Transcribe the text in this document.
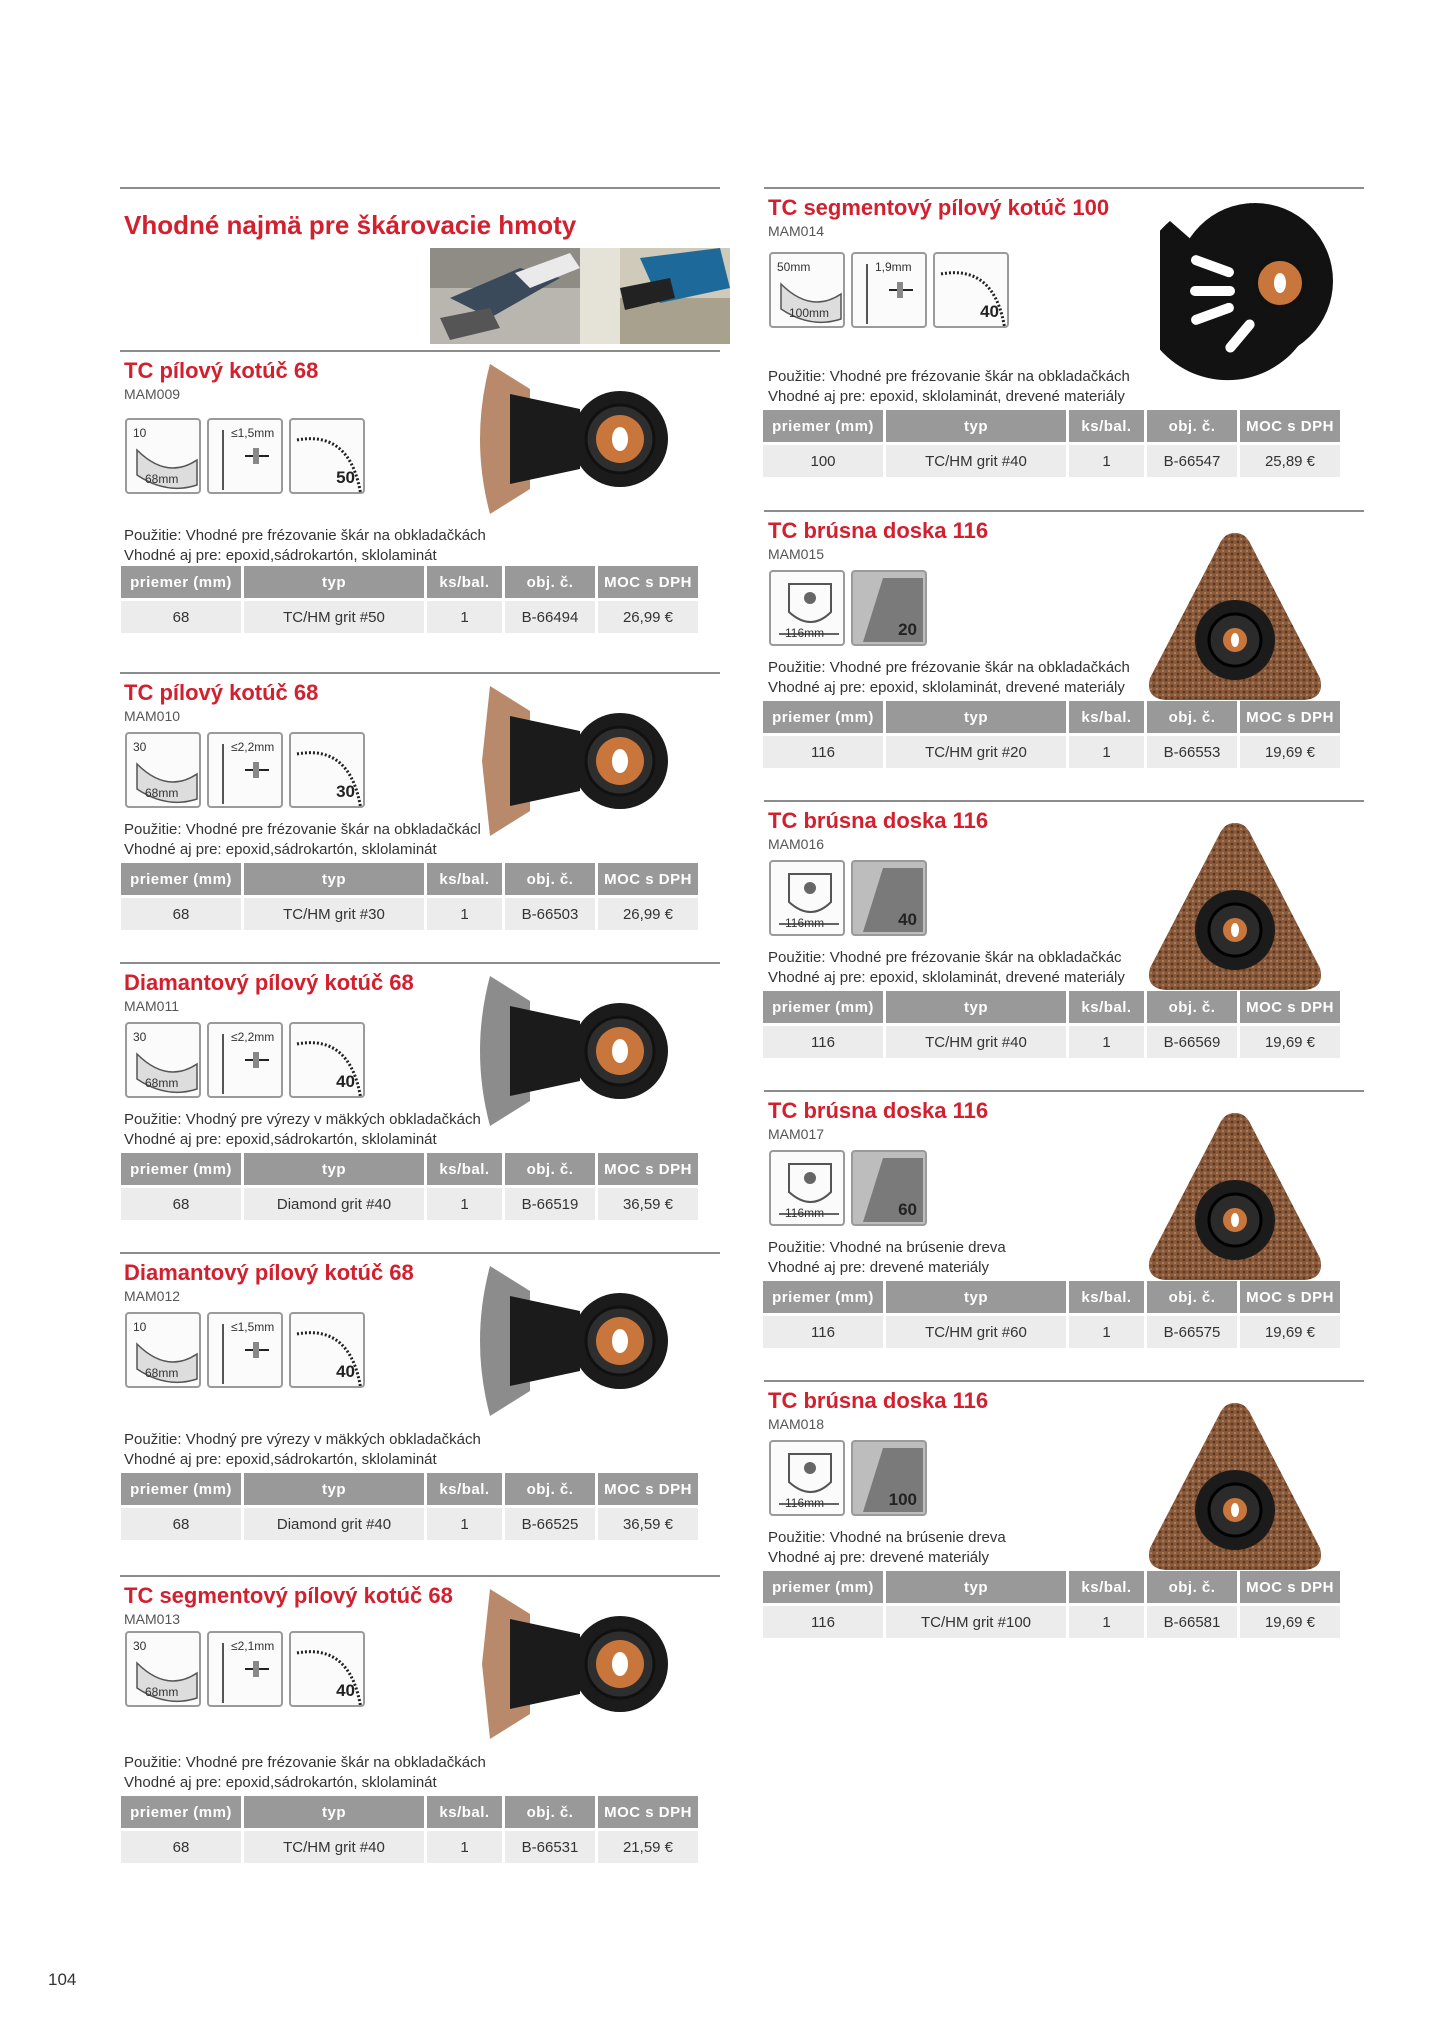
Vhodné najmä pre škárovacie hmoty
TC pílový kotúč 68
MAM009
10
68mm
≤1,5mm
50
Použitie: Vhodné pre frézovanie škár na obkladačkách
Vhodné aj pre: epoxid,sádrokartón, sklolaminát
priemer (mm)	typ	ks/bal.	obj. č.	MOC s DPH
68	TC/HM grit #50	1	B-66494	26,99 €
TC pílový kotúč 68
MAM010
30
68mm
≤2,2mm
30
Použitie: Vhodné pre frézovanie škár na obkladačkácl
Vhodné aj pre: epoxid,sádrokartón, sklolaminát
priemer (mm)	typ	ks/bal.	obj. č.	MOC s DPH
68	TC/HM grit #30	1	B-66503	26,99 €
Diamantový pílový kotúč 68
MAM011
30
68mm
≤2,2mm
40
Použitie: Vhodný pre výrezy v mäkkých obkladačkách
Vhodné aj pre: epoxid,sádrokartón, sklolaminát
priemer (mm)	typ	ks/bal.	obj. č.	MOC s DPH
68	Diamond grit #40	1	B-66519	36,59 €
Diamantový pílový kotúč 68
MAM012
10
68mm
≤1,5mm
40
Použitie: Vhodný pre výrezy v mäkkých obkladačkách
Vhodné aj pre: epoxid,sádrokartón, sklolaminát
priemer (mm)	typ	ks/bal.	obj. č.	MOC s DPH
68	Diamond grit #40	1	B-66525	36,59 €
TC segmentový pílový kotúč 68
MAM013
30
68mm
≤2,1mm
40
Použitie: Vhodné pre frézovanie škár na obkladačkách
Vhodné aj pre: epoxid,sádrokartón, sklolaminát
priemer (mm)	typ	ks/bal.	obj. č.	MOC s DPH
68	TC/HM grit #40	1	B-66531	21,59 €
TC segmentový pílový kotúč 100
MAM014
50mm
100mm
1,9mm
40
Použitie: Vhodné pre frézovanie škár na obkladačkách
Vhodné aj pre: epoxid, sklolaminát, drevené materiály
priemer (mm)	typ	ks/bal.	obj. č.	MOC s DPH
100	TC/HM grit #40	1	B-66547	25,89 €
TC brúsna doska 116
MAM015
116mm	20
Použitie: Vhodné pre frézovanie škár na obkladačkách
Vhodné aj pre: epoxid, sklolaminát, drevené materiály
priemer (mm)	typ	ks/bal.	obj. č.	MOC s DPH
116	TC/HM grit #20	1	B-66553	19,69 €
TC brúsna doska 116
MAM016
116mm	40
Použitie: Vhodné pre frézovanie škár na obkladačkác
Vhodné aj pre: epoxid, sklolaminát, drevené materiály
priemer (mm)	typ	ks/bal.	obj. č.	MOC s DPH
116	TC/HM grit #40	1	B-66569	19,69 €
TC brúsna doska 116
MAM017
116mm	60
Použitie: Vhodné na brúsenie dreva
Vhodné aj pre: drevené materiály
priemer (mm)	typ	ks/bal.	obj. č.	MOC s DPH
116	TC/HM grit #60	1	B-66575	19,69 €
TC brúsna doska 116
MAM018
116mm	100
Použitie: Vhodné na brúsenie dreva
Vhodné aj pre: drevené materiály
priemer (mm)	typ	ks/bal.	obj. č.	MOC s DPH
116	TC/HM grit #100	1	B-66581	19,69 €
104
